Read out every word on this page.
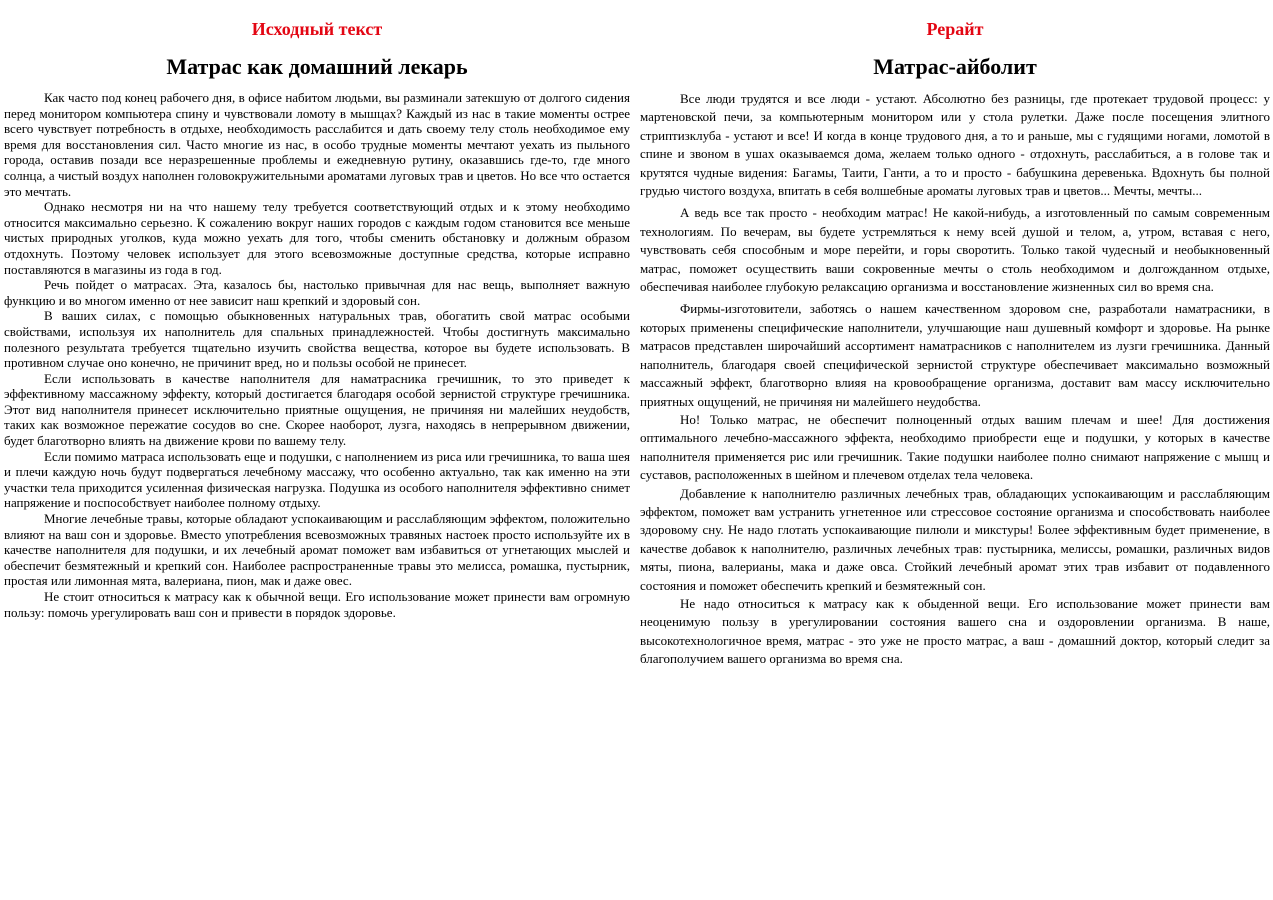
Исходный текст
Матрас как домашний лекарь

Как часто под конец рабочего дня, в офисе набитом людьми, вы разминали затекшую от долгого сидения перед монитором компьютера спину и чувствовали ломоту в мышцах? Каждый из нас в такие моменты острее всего чувствует потребность в отдыхе, необходимость расслабится и дать своему телу столь необходимое ему время для восстановления сил. Часто многие из нас, в особо трудные моменты мечтают уехать из пыльного города, оставив позади все неразрешенные проблемы и ежедневную рутину, оказавшись где-то, где много солнца, а чистый воздух наполнен головокружительными ароматами луговых трав и цветов. Но все что остается это мечтать.

Однако несмотря ни на что нашему телу требуется соответствующий отдых и к этому необходимо относится максимально серьезно. К сожалению вокруг наших городов с каждым годом становится все меньше чистых природных уголков, куда можно уехать для того, чтобы сменить обстановку и должным образом отдохнуть. Поэтому человек использует для этого всевозможные доступные средства, которые исправно поставляются в магазины из года в год.

Речь пойдет о матрасах. Эта, казалось бы, настолько привычная для нас вещь, выполняет важную функцию и во многом именно от нее зависит наш крепкий и здоровый сон.

В ваших силах, с помощью обыкновенных натуральных трав, обогатить свой матрас особыми свойствами, используя их наполнитель для спальных принадлежностей. Чтобы достигнуть максимально полезного результата требуется тщательно изучить свойства вещества, которое вы будете использовать. В противном случае оно конечно, не причинит вред, но и пользы особой не принесет.

Если использовать в качестве наполнителя для наматрасника гречишник, то это приведет к эффективному массажному эффекту, который достигается благодаря особой зернистой структуре гречишника. Этот вид наполнителя принесет исключительно приятные ощущения, не причиняя ни малейших неудобств, таких как возможное пережатие сосудов во сне. Скорее наоборот, лузга, находясь в непрерывном движении, будет благотворно влиять на движение крови по вашему телу.

Если помимо матраса использовать еще и подушки, с наполнением из риса или гречишника, то ваша шея и плечи каждую ночь будут подвергаться лечебному массажу, что особенно актуально, так как именно на эти участки тела приходится усиленная физическая нагрузка. Подушка из особого наполнителя эффективно снимет напряжение и поспособствует наиболее полному отдыху.

Многие лечебные травы, которые обладают успокаивающим и расслабляющим эффектом, положительно влияют на ваш сон и здоровье. Вместо употребления всевозможных травяных настоек просто используйте их в качестве наполнителя для подушки, и их лечебный аромат поможет вам избавиться от угнетающих мыслей и обеспечит безмятежный и крепкий сон. Наиболее распространенные травы это мелисса, ромашка, пустырник, простая или лимонная мята, валериана, пион, мак и даже овес.

Не стоит относиться к матрасу как к обычной вещи. Его использование может принести вам огромную пользу: помочь урегулировать ваш сон и привести в порядок здоровье.

Рерайт
Матрас-айболит

Все люди трудятся и все люди - устают. Абсолютно без разницы, где протекает трудовой процесс: у мартеновской печи, за компьютерным монитором или у стола рулетки. Даже после посещения элитного стриптизклуба - устают и все! И когда в конце трудового дня, а то и раньше, мы с гудящими ногами, ломотой в спине и звоном в ушах оказываемся дома, желаем только одного - отдохнуть, расслабиться, а в голове так и крутятся чудные видения: Багамы, Таити, Ганти, а то и просто - бабушкина деревенька. Вдохнуть бы полной грудью чистого воздуха, впитать в себя волшебные ароматы луговых трав и цветов... Мечты, мечты...

А ведь все так просто - необходим матрас! Не какой-нибудь, а изготовленный по самым современным технологиям. По вечерам, вы будете устремляться к нему всей душой и телом, а, утром, вставая с него, чувствовать себя способным и море перейти, и горы своротить. Только такой чудесный и необыкновенный матрас, поможет осуществить ваши сокровенные мечты о столь необходимом и долгожданном отдыхе, обеспечивая наиболее глубокую релаксацию организма и восстановление жизненных сил во время сна.

Фирмы-изготовители, заботясь о нашем качественном здоровом сне, разработали наматрасники, в которых применены специфические наполнители, улучшающие наш душевный комфорт и здоровье. На рынке матрасов представлен широчайший ассортимент наматрасников с наполнителем из лузги гречишника. Данный наполнитель, благодаря своей специфической зернистой структуре обеспечивает максимально возможный массажный эффект, благотворно влияя на кровообращение организма, доставит вам массу исключительно приятных ощущений, не причиняя ни малейшего неудобства.

Но! Только матрас, не обеспечит полноценный отдых вашим плечам и шее! Для достижения оптимального лечебно-массажного эффекта, необходимо приобрести еще и подушки, у которых в качестве наполнителя применяется рис или гречишник. Такие подушки наиболее полно снимают напряжение с мышц и суставов, расположенных в шейном и плечевом отделах тела человека.

Добавление к наполнителю различных лечебных трав, обладающих успокаивающим и расслабляющим эффектом, поможет вам устранить угнетенное или стрессовое состояние организма и способствовать наиболее здоровому сну. Не надо глотать успокаивающие пилюли и микстуры! Более эффективным будет применение, в качестве добавок к наполнителю, различных лечебных трав: пустырника, мелиссы, ромашки, различных видов мяты, пиона, валерианы, мака и даже овса. Стойкий лечебный аромат этих трав избавит от подавленного состояния и поможет обеспечить крепкий и безмятежный сон.

Не надо относиться к матрасу как к обыденной вещи. Его использование может принести вам неоценимую пользу в урегулировании состояния вашего сна и оздоровлении организма. В наше, высокотехнологичное время, матрас - это уже не просто матрас, а ваш - домашний доктор, который следит за благополучием вашего организма во время сна.
